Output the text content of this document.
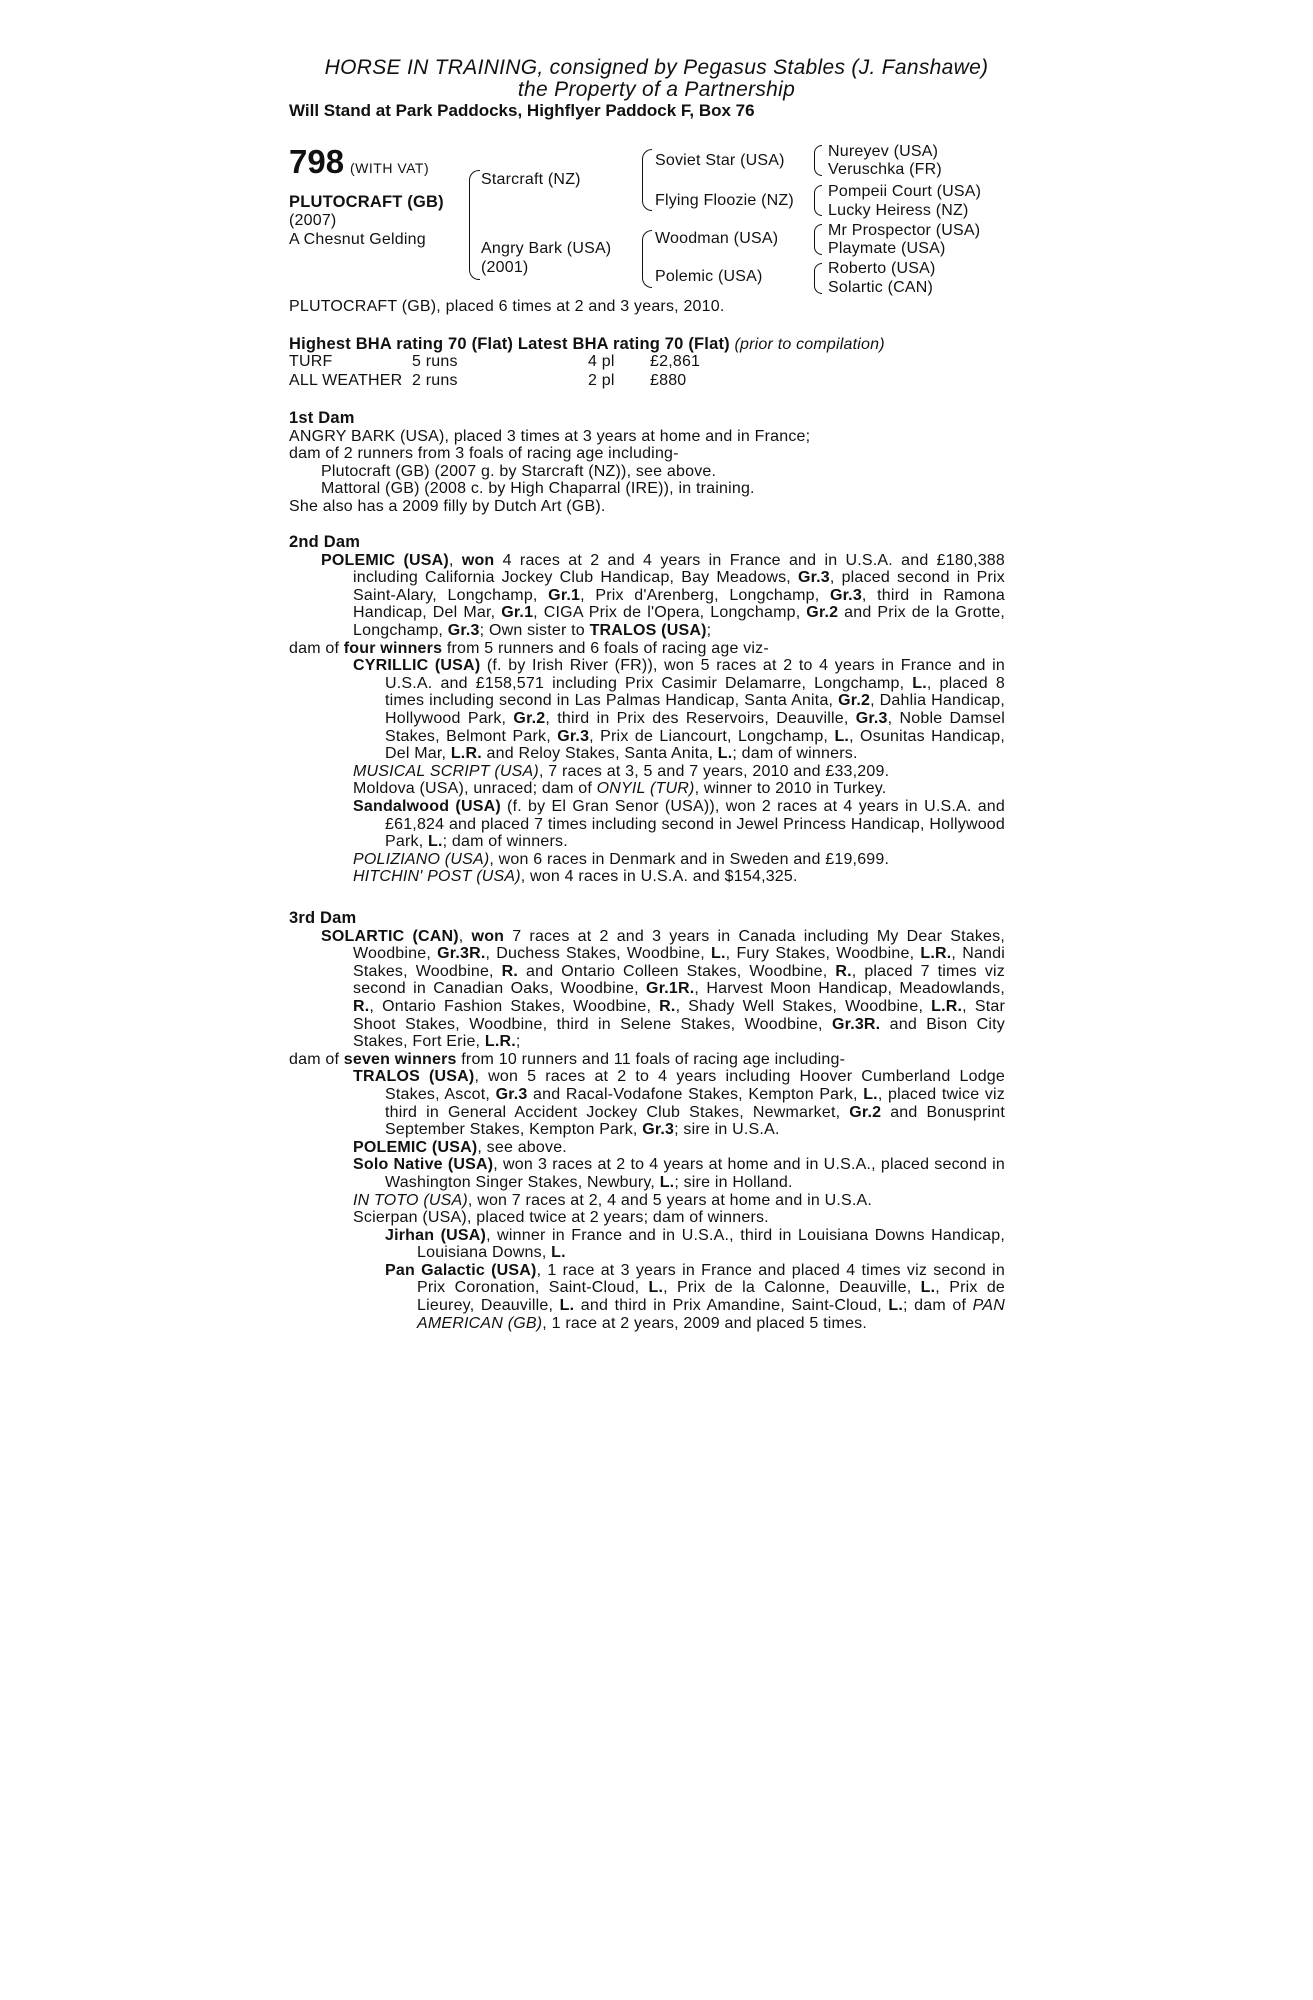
HORSE IN TRAINING, consigned by Pegasus Stables (J. Fanshawe)
the Property of a Partnership
Will Stand at Park Paddocks, Highflyer Paddock F, Box 76
798 (WITH VAT)
PLUTOCRAFT (GB)
(2007)
A Chesnut Gelding
Starcraft (NZ)
Angry Bark (USA)
(2001)
Soviet Star (USA)
Flying Floozie (NZ)
Woodman (USA)
Polemic (USA)
Nureyev (USA)
Veruschka (FR)
Pompeii Court (USA)
Lucky Heiress (NZ)
Mr Prospector (USA)
Playmate (USA)
Roberto (USA)
Solartic (CAN)
PLUTOCRAFT (GB), placed 6 times at 2 and 3 years, 2010.
Highest BHA rating 70 (Flat) Latest BHA rating 70 (Flat) (prior to compilation)
TURF	5 runs	4 pl £2,861
ALL WEATHER 2 runs	2 pl £880

1st Dam

ANGRY BARK (USA), placed 3 times at 3 years at home and in France;

dam of 2 runners from 3 foals of racing age including-

Plutocraft (GB) (2007 g. by Starcraft (NZ)), see above.

Mattoral (GB) (2008 c. by High Chaparral (IRE)), in training.

She also has a 2009 filly by Dutch Art (GB).

2nd Dam

POLEMIC (USA), won 4 races at 2 and 4 years in France and in U.S.A. and £180,388 including California Jockey Club Handicap, Bay Meadows, Gr.3, placed second in Prix Saint-Alary, Longchamp, Gr.1, Prix d'Arenberg, Longchamp, Gr.3, third in Ramona Handicap, Del Mar, Gr.1, CIGA Prix de l'Opera, Longchamp, Gr.2 and Prix de la Grotte, Longchamp, Gr.3; Own sister to TRALOS (USA);

dam of four winners from 5 runners and 6 foals of racing age viz-

CYRILLIC (USA) (f. by Irish River (FR)), won 5 races at 2 to 4 years in France and in U.S.A. and £158,571 including Prix Casimir Delamarre, Longchamp, L., placed 8 times including second in Las Palmas Handicap, Santa Anita, Gr.2, Dahlia Handicap, Hollywood Park, Gr.2, third in Prix des Reservoirs, Deauville, Gr.3, Noble Damsel Stakes, Belmont Park, Gr.3, Prix de Liancourt, Longchamp, L., Osunitas Handicap, Del Mar, L.R. and Reloy Stakes, Santa Anita, L.; dam of winners.

MUSICAL SCRIPT (USA), 7 races at 3, 5 and 7 years, 2010 and £33,209.

Moldova (USA), unraced; dam of ONYIL (TUR), winner to 2010 in Turkey.

Sandalwood (USA) (f. by El Gran Senor (USA)), won 2 races at 4 years in U.S.A. and £61,824 and placed 7 times including second in Jewel Princess Handicap, Hollywood Park, L.; dam of winners.

POLIZIANO (USA), won 6 races in Denmark and in Sweden and £19,699.

HITCHIN' POST (USA), won 4 races in U.S.A. and $154,325.

3rd Dam

SOLARTIC (CAN), won 7 races at 2 and 3 years in Canada including My Dear Stakes, Woodbine, Gr.3R., Duchess Stakes, Woodbine, L., Fury Stakes, Woodbine, L.R., Nandi Stakes, Woodbine, R. and Ontario Colleen Stakes, Woodbine, R., placed 7 times viz second in Canadian Oaks, Woodbine, Gr.1R., Harvest Moon Handicap, Meadowlands, R., Ontario Fashion Stakes, Woodbine, R., Shady Well Stakes, Woodbine, L.R., Star Shoot Stakes, Woodbine, third in Selene Stakes, Woodbine, Gr.3R. and Bison City Stakes, Fort Erie, L.R.;

dam of seven winners from 10 runners and 11 foals of racing age including-

TRALOS (USA), won 5 races at 2 to 4 years including Hoover Cumberland Lodge Stakes, Ascot, Gr.3 and Racal-Vodafone Stakes, Kempton Park, L., placed twice viz third in General Accident Jockey Club Stakes, Newmarket, Gr.2 and Bonusprint September Stakes, Kempton Park, Gr.3; sire in U.S.A.

POLEMIC (USA), see above.

Solo Native (USA), won 3 races at 2 to 4 years at home and in U.S.A., placed second in Washington Singer Stakes, Newbury, L.; sire in Holland.

IN TOTO (USA), won 7 races at 2, 4 and 5 years at home and in U.S.A.

Scierpan (USA), placed twice at 2 years; dam of winners.

Jirhan (USA), winner in France and in U.S.A., third in Louisiana Downs Handicap, Louisiana Downs, L.

Pan Galactic (USA), 1 race at 3 years in France and placed 4 times viz second in Prix Coronation, Saint-Cloud, L., Prix de la Calonne, Deauville, L., Prix de Lieurey, Deauville, L. and third in Prix Amandine, Saint-Cloud, L.; dam of PAN AMERICAN (GB), 1 race at 2 years, 2009 and placed 5 times.
